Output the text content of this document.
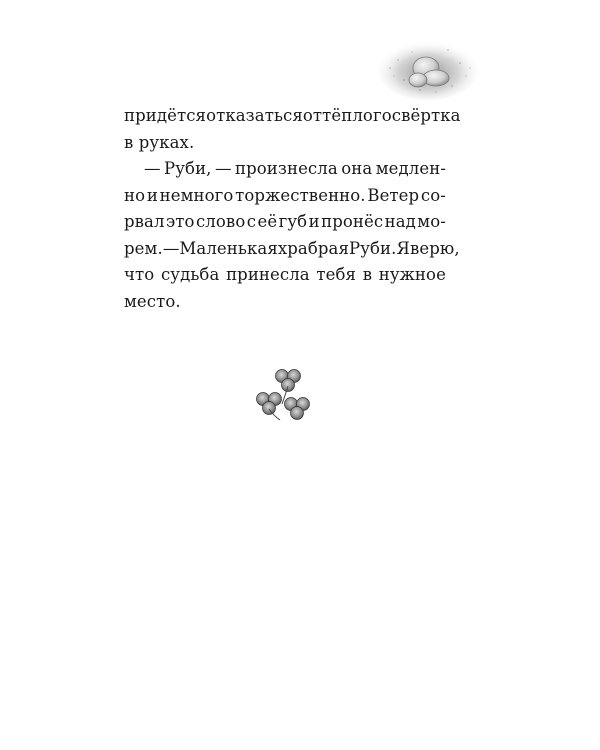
придётся отказаться от тёплого свёртка
в руках.
— Руби, — произнесла она медлен-
но и немного торжественно. Ветер со-
рвал это слово с её губ и пронёс над мо-
рем. — Маленькая храбрая Руби. Я верю,
что судьба принесла тебя в нужное
место.
